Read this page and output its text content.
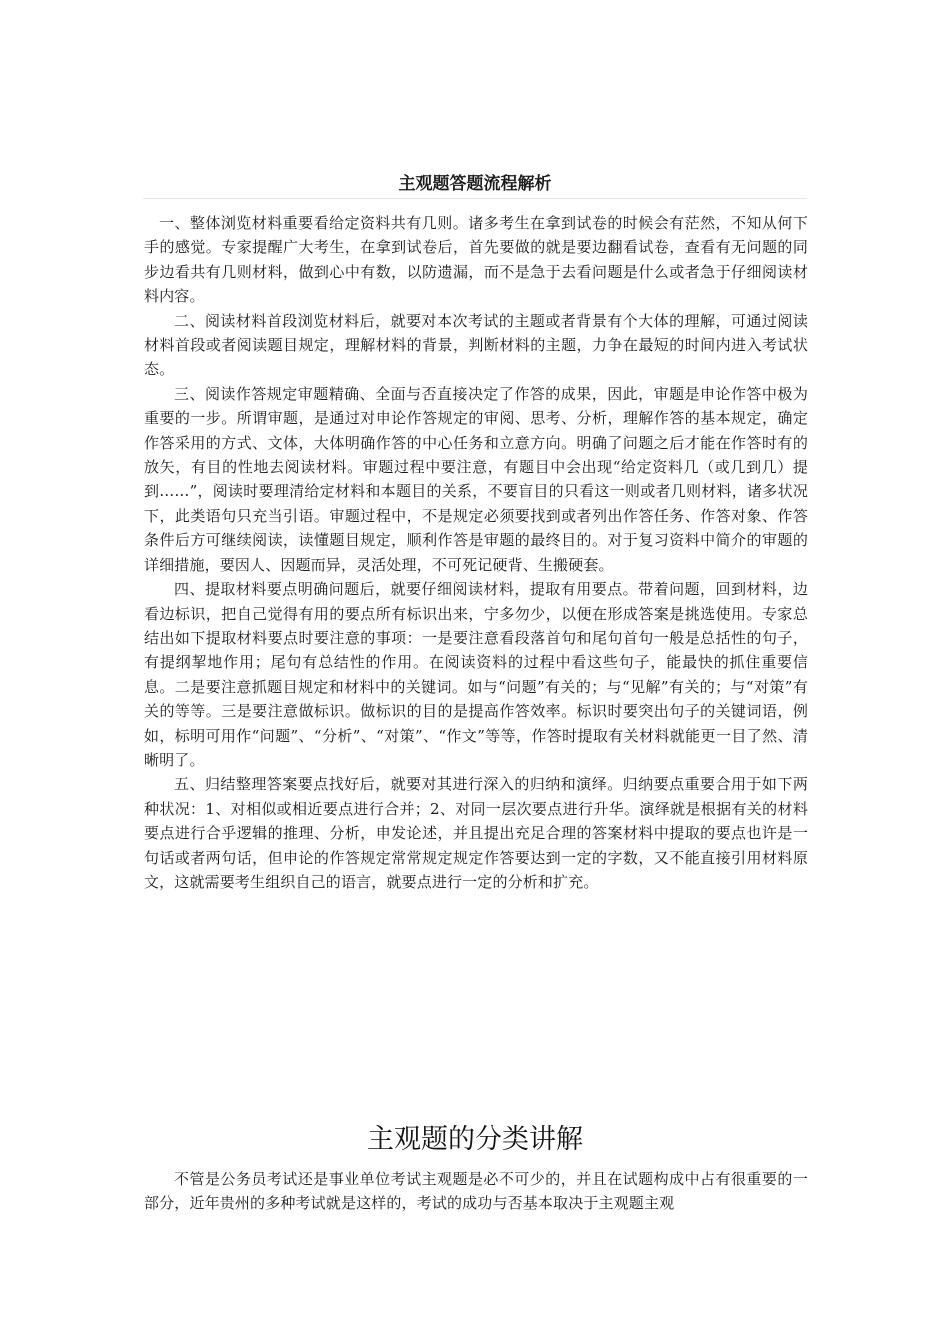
主观题答题流程解析

一、整体浏览材料重要看给定资料共有几则。诸多考生在拿到试卷的时候会有茫然，不知从何下手的感觉。专家提醒广大考生，在拿到试卷后，首先要做的就是要边翻看试卷，查看有无问题的同步边看共有几则材料，做到心中有数，以防遗漏，而不是急于去看问题是什么或者急于仔细阅读材料内容。

二、阅读材料首段浏览材料后，就要对本次考试的主题或者背景有个大体的理解，可通过阅读材料首段或者阅读题目规定，理解材料的背景，判断材料的主题，力争在最短的时间内进入考试状态。

三、阅读作答规定审题精确、全面与否直接决定了作答的成果，因此，审题是申论作答中极为重要的一步。所谓审题，是通过对申论作答规定的审阅、思考、分析，理解作答的基本规定，确定作答采用的方式、文体，大体明确作答的中心任务和立意方向。明确了问题之后才能在作答时有的放矢，有目的性地去阅读材料。审题过程中要注意，有题目中会出现“给定资料几（或几到几）提到……”，阅读时要理清给定材料和本题目的关系，不要盲目的只看这一则或者几则材料，诸多状况下，此类语句只充当引语。审题过程中，不是规定必须要找到或者列出作答任务、作答对象、作答条件后方可继续阅读，读懂题目规定，顺利作答是审题的最终目的。对于复习资料中简介的审题的详细措施，要因人、因题而异，灵活处理，不可死记硬背、生搬硬套。

四、提取材料要点明确问题后，就要仔细阅读材料，提取有用要点。带着问题，回到材料，边看边标识，把自己觉得有用的要点所有标识出来，宁多勿少，以便在形成答案是挑选使用。专家总结出如下提取材料要点时要注意的事项：一是要注意看段落首句和尾句首句一般是总括性的句子，有提纲挈地作用；尾句有总结性的作用。在阅读资料的过程中看这些句子，能最快的抓住重要信息。二是要注意抓题目规定和材料中的关键词。如与“问题”有关的；与“见解”有关的；与“对策”有关的等等。三是要注意做标识。做标识的目的是提高作答效率。标识时要突出句子的关键词语，例如，标明可用作“问题”、“分析”、“对策”、“作文”等等，作答时提取有关材料就能更一目了然、清晰明了。

五、归结整理答案要点找好后，就要对其进行深入的归纳和演绎。归纳要点重要合用于如下两种状况：1、对相似或相近要点进行合并；2、对同一层次要点进行升华。演绎就是根据有关的材料要点进行合乎逻辑的推理、分析，申发论述，并且提出充足合理的答案材料中提取的要点也许是一句话或者两句话，但申论的作答规定常常规定规定作答要达到一定的字数，又不能直接引用材料原文，这就需要考生组织自己的语言，就要点进行一定的分析和扩充。

主观题的分类讲解

不管是公务员考试还是事业单位考试主观题是必不可少的，并且在试题构成中占有很重要的一部分，近年贵州的多种考试就是这样的，考试的成功与否基本取决于主观题主观
